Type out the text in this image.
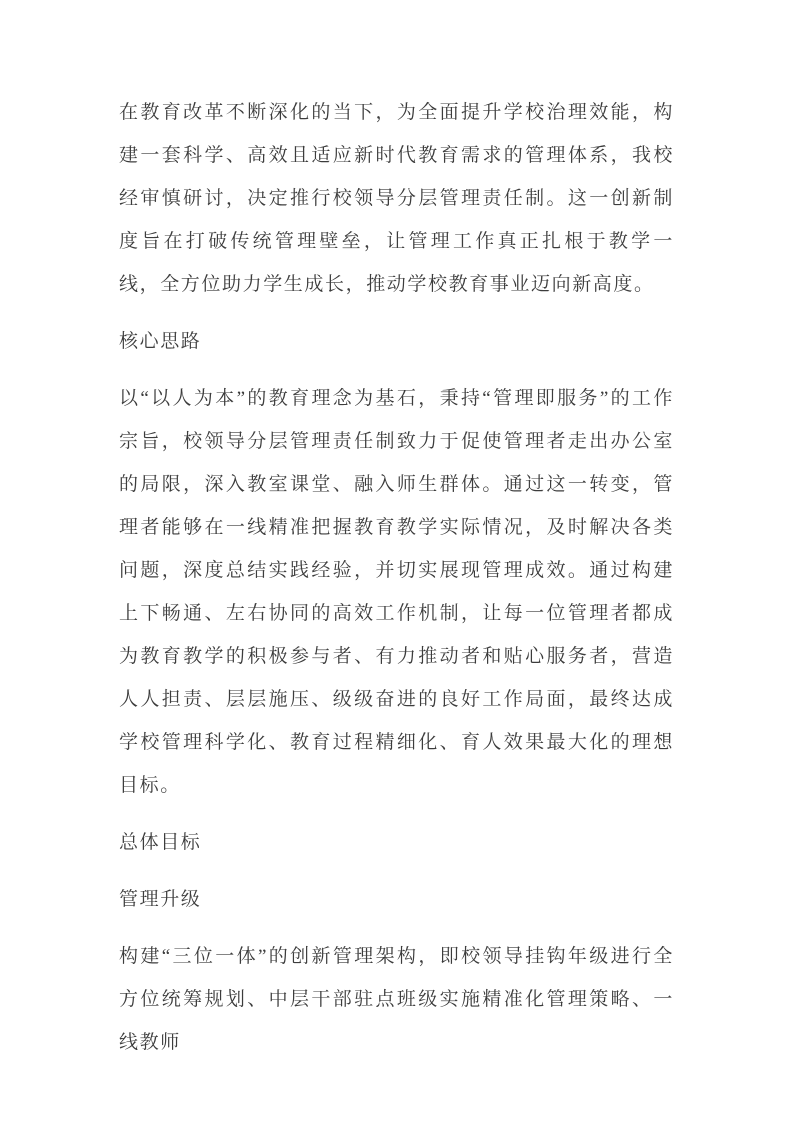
在教育改革不断深化的当下，为全面提升学校治理效能，构建一套科学、高效且适应新时代教育需求的管理体系，我校经审慎研讨，决定推行校领导分层管理责任制。这一创新制度旨在打破传统管理壁垒，让管理工作真正扎根于教学一线，全方位助力学生成长，推动学校教育事业迈向新高度。

核心思路

以“以人为本”的教育理念为基石，秉持“管理即服务”的工作宗旨，校领导分层管理责任制致力于促使管理者走出办公室的局限，深入教室课堂、融入师生群体。通过这一转变，管理者能够在一线精准把握教育教学实际情况，及时解决各类问题，深度总结实践经验，并切实展现管理成效。通过构建上下畅通、左右协同的高效工作机制，让每一位管理者都成为教育教学的积极参与者、有力推动者和贴心服务者，营造人人担责、层层施压、级级奋进的良好工作局面，最终达成学校管理科学化、教育过程精细化、育人效果最大化的理想目标。

总体目标

管理升级

构建“三位一体”的创新管理架构，即校领导挂钩年级进行全方位统筹规划、中层干部驻点班级实施精准化管理策略、一线教师
